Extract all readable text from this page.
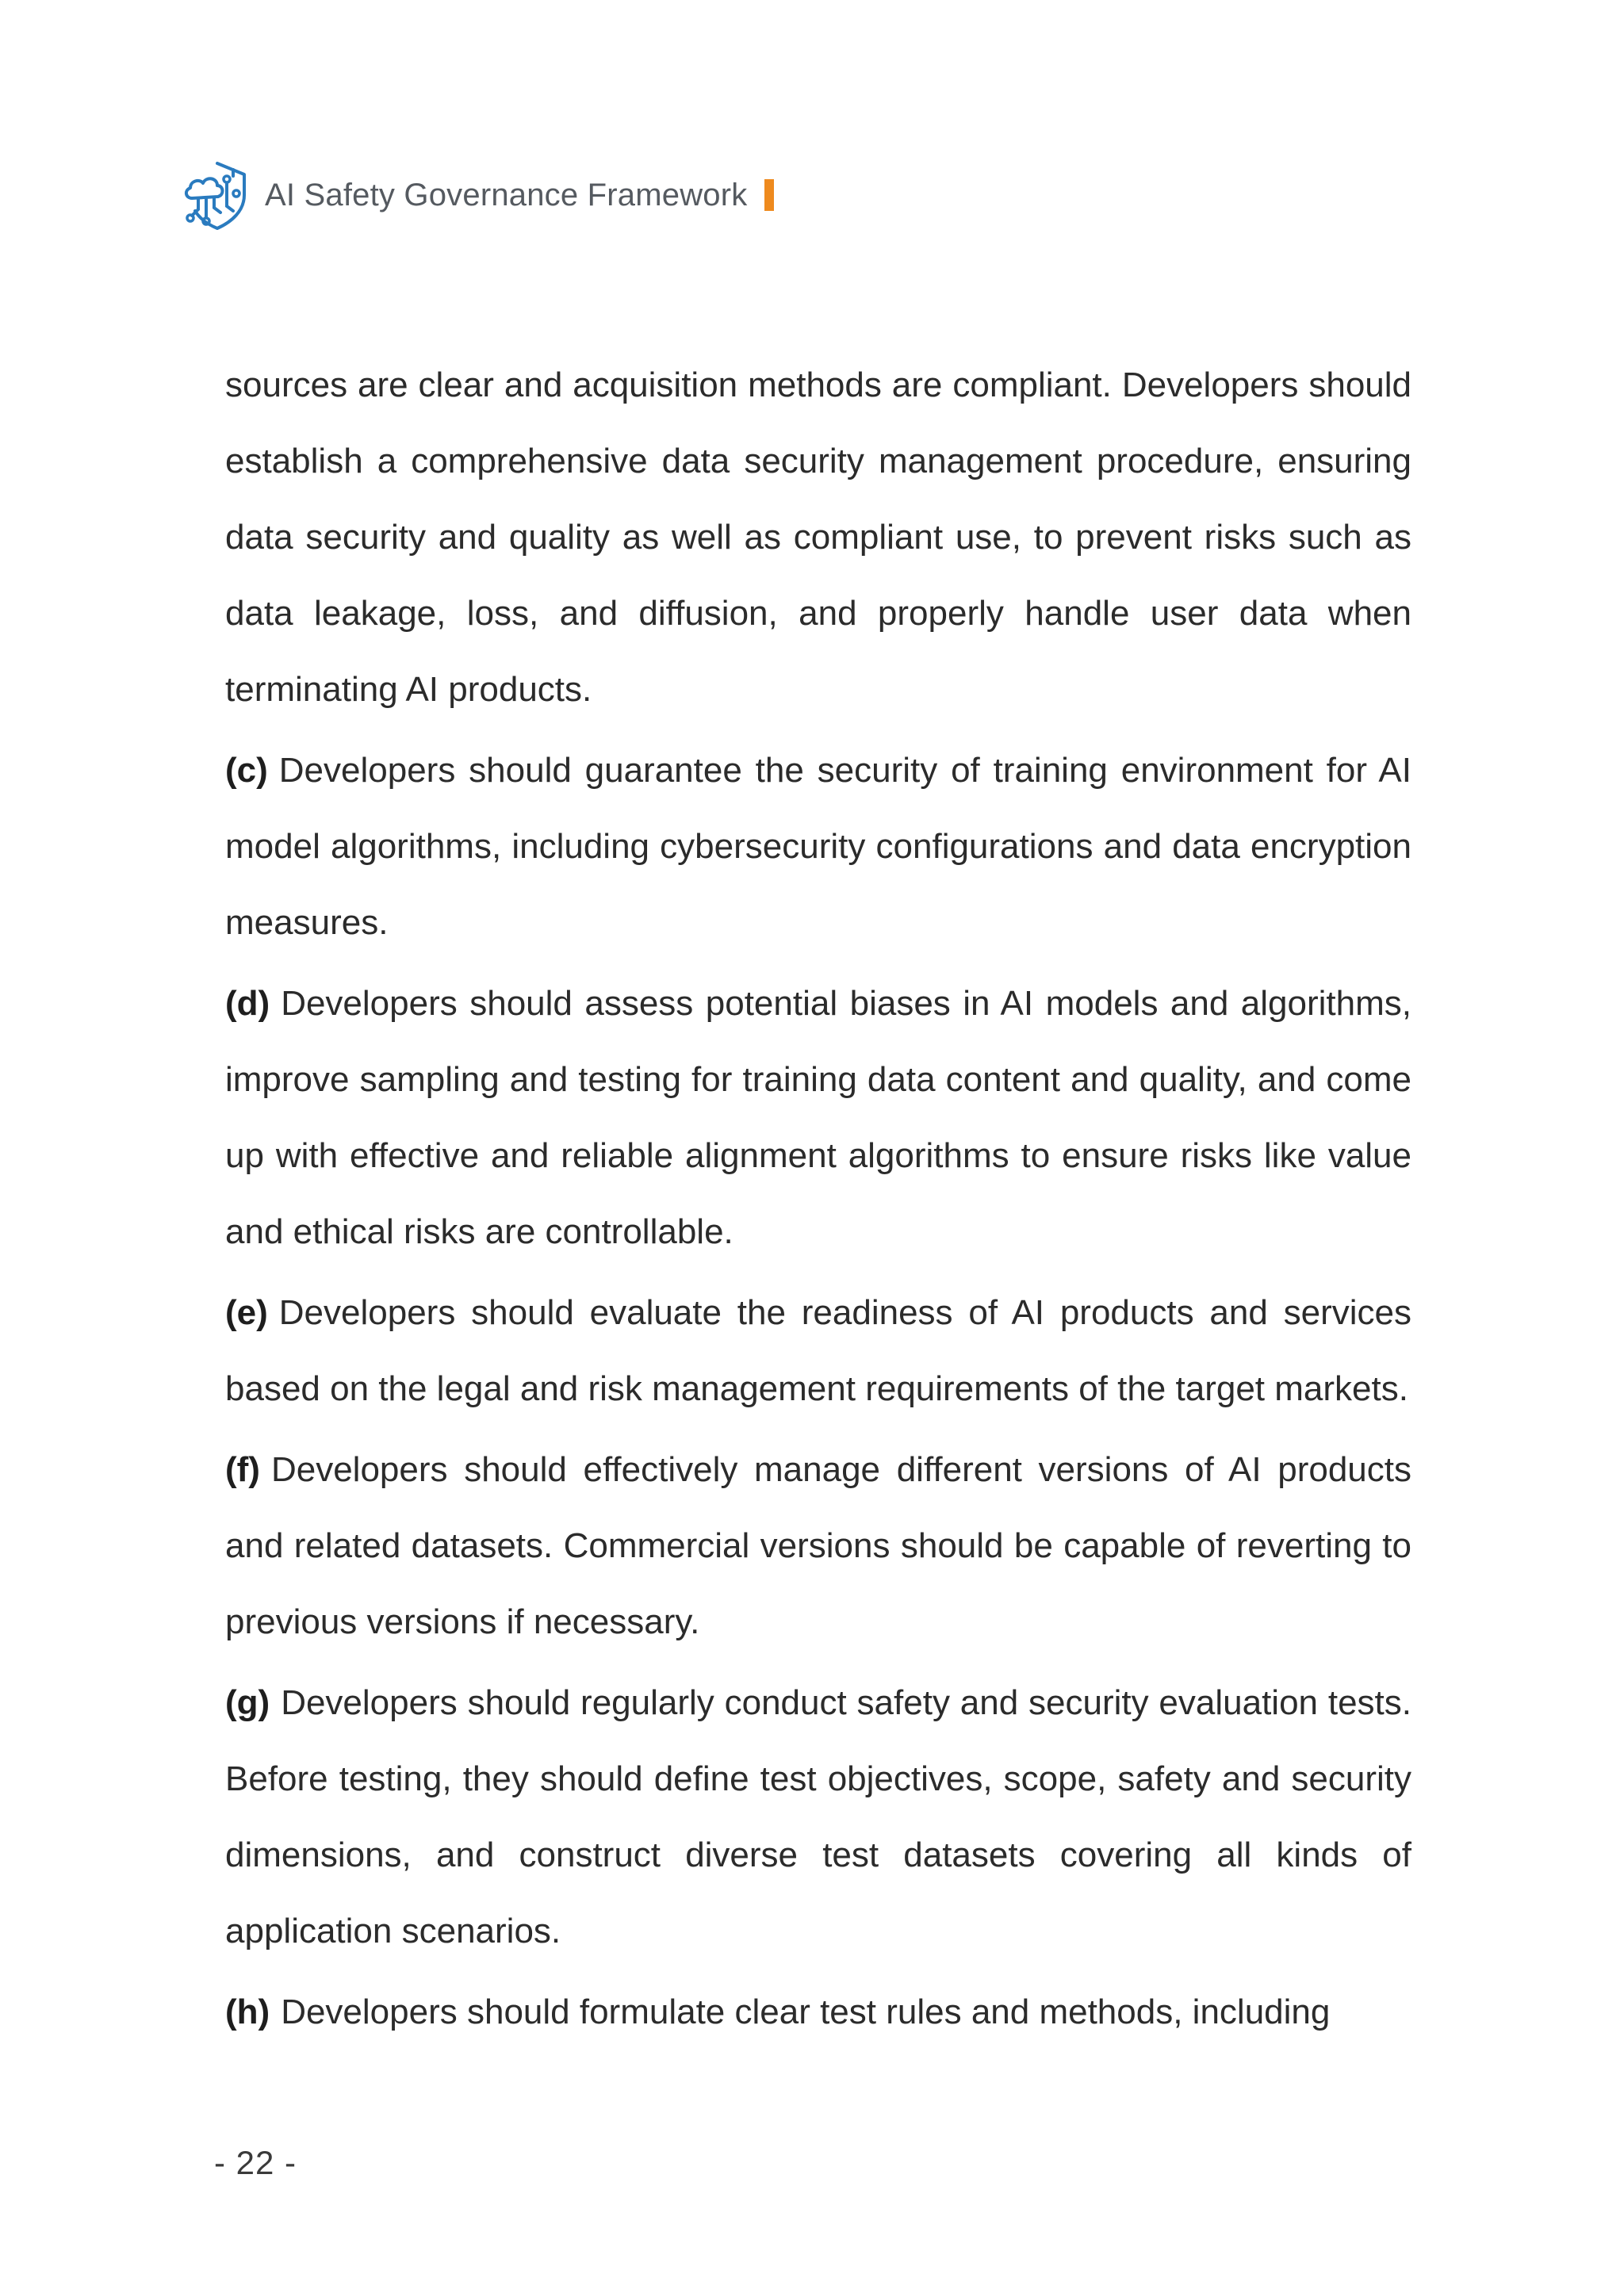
AI Safety Governance Framework

sources are clear and acquisition methods are compliant. Developers should establish a comprehensive data security management procedure, ensuring data security and quality as well as compliant use, to prevent risks such as data leakage, loss, and diffusion, and properly handle user data when terminating AI products.

(c) Developers should guarantee the security of training environment for AI model algorithms, including cybersecurity configurations and data encryption measures.

(d) Developers should assess potential biases in AI models and algorithms, improve sampling and testing for training data content and quality, and come up with effective and reliable alignment algorithms to ensure risks like value and ethical risks are controllable.

(e) Developers should evaluate the readiness of AI products and services based on the legal and risk management requirements of the target markets.

(f) Developers should effectively manage different versions of AI products and related datasets. Commercial versions should be capable of reverting to previous versions if necessary.

(g) Developers should regularly conduct safety and security evaluation tests. Before testing, they should define test objectives, scope, safety and security dimensions, and construct diverse test datasets covering all kinds of application scenarios.

(h) Developers should formulate clear test rules and methods, including

- 22 -
